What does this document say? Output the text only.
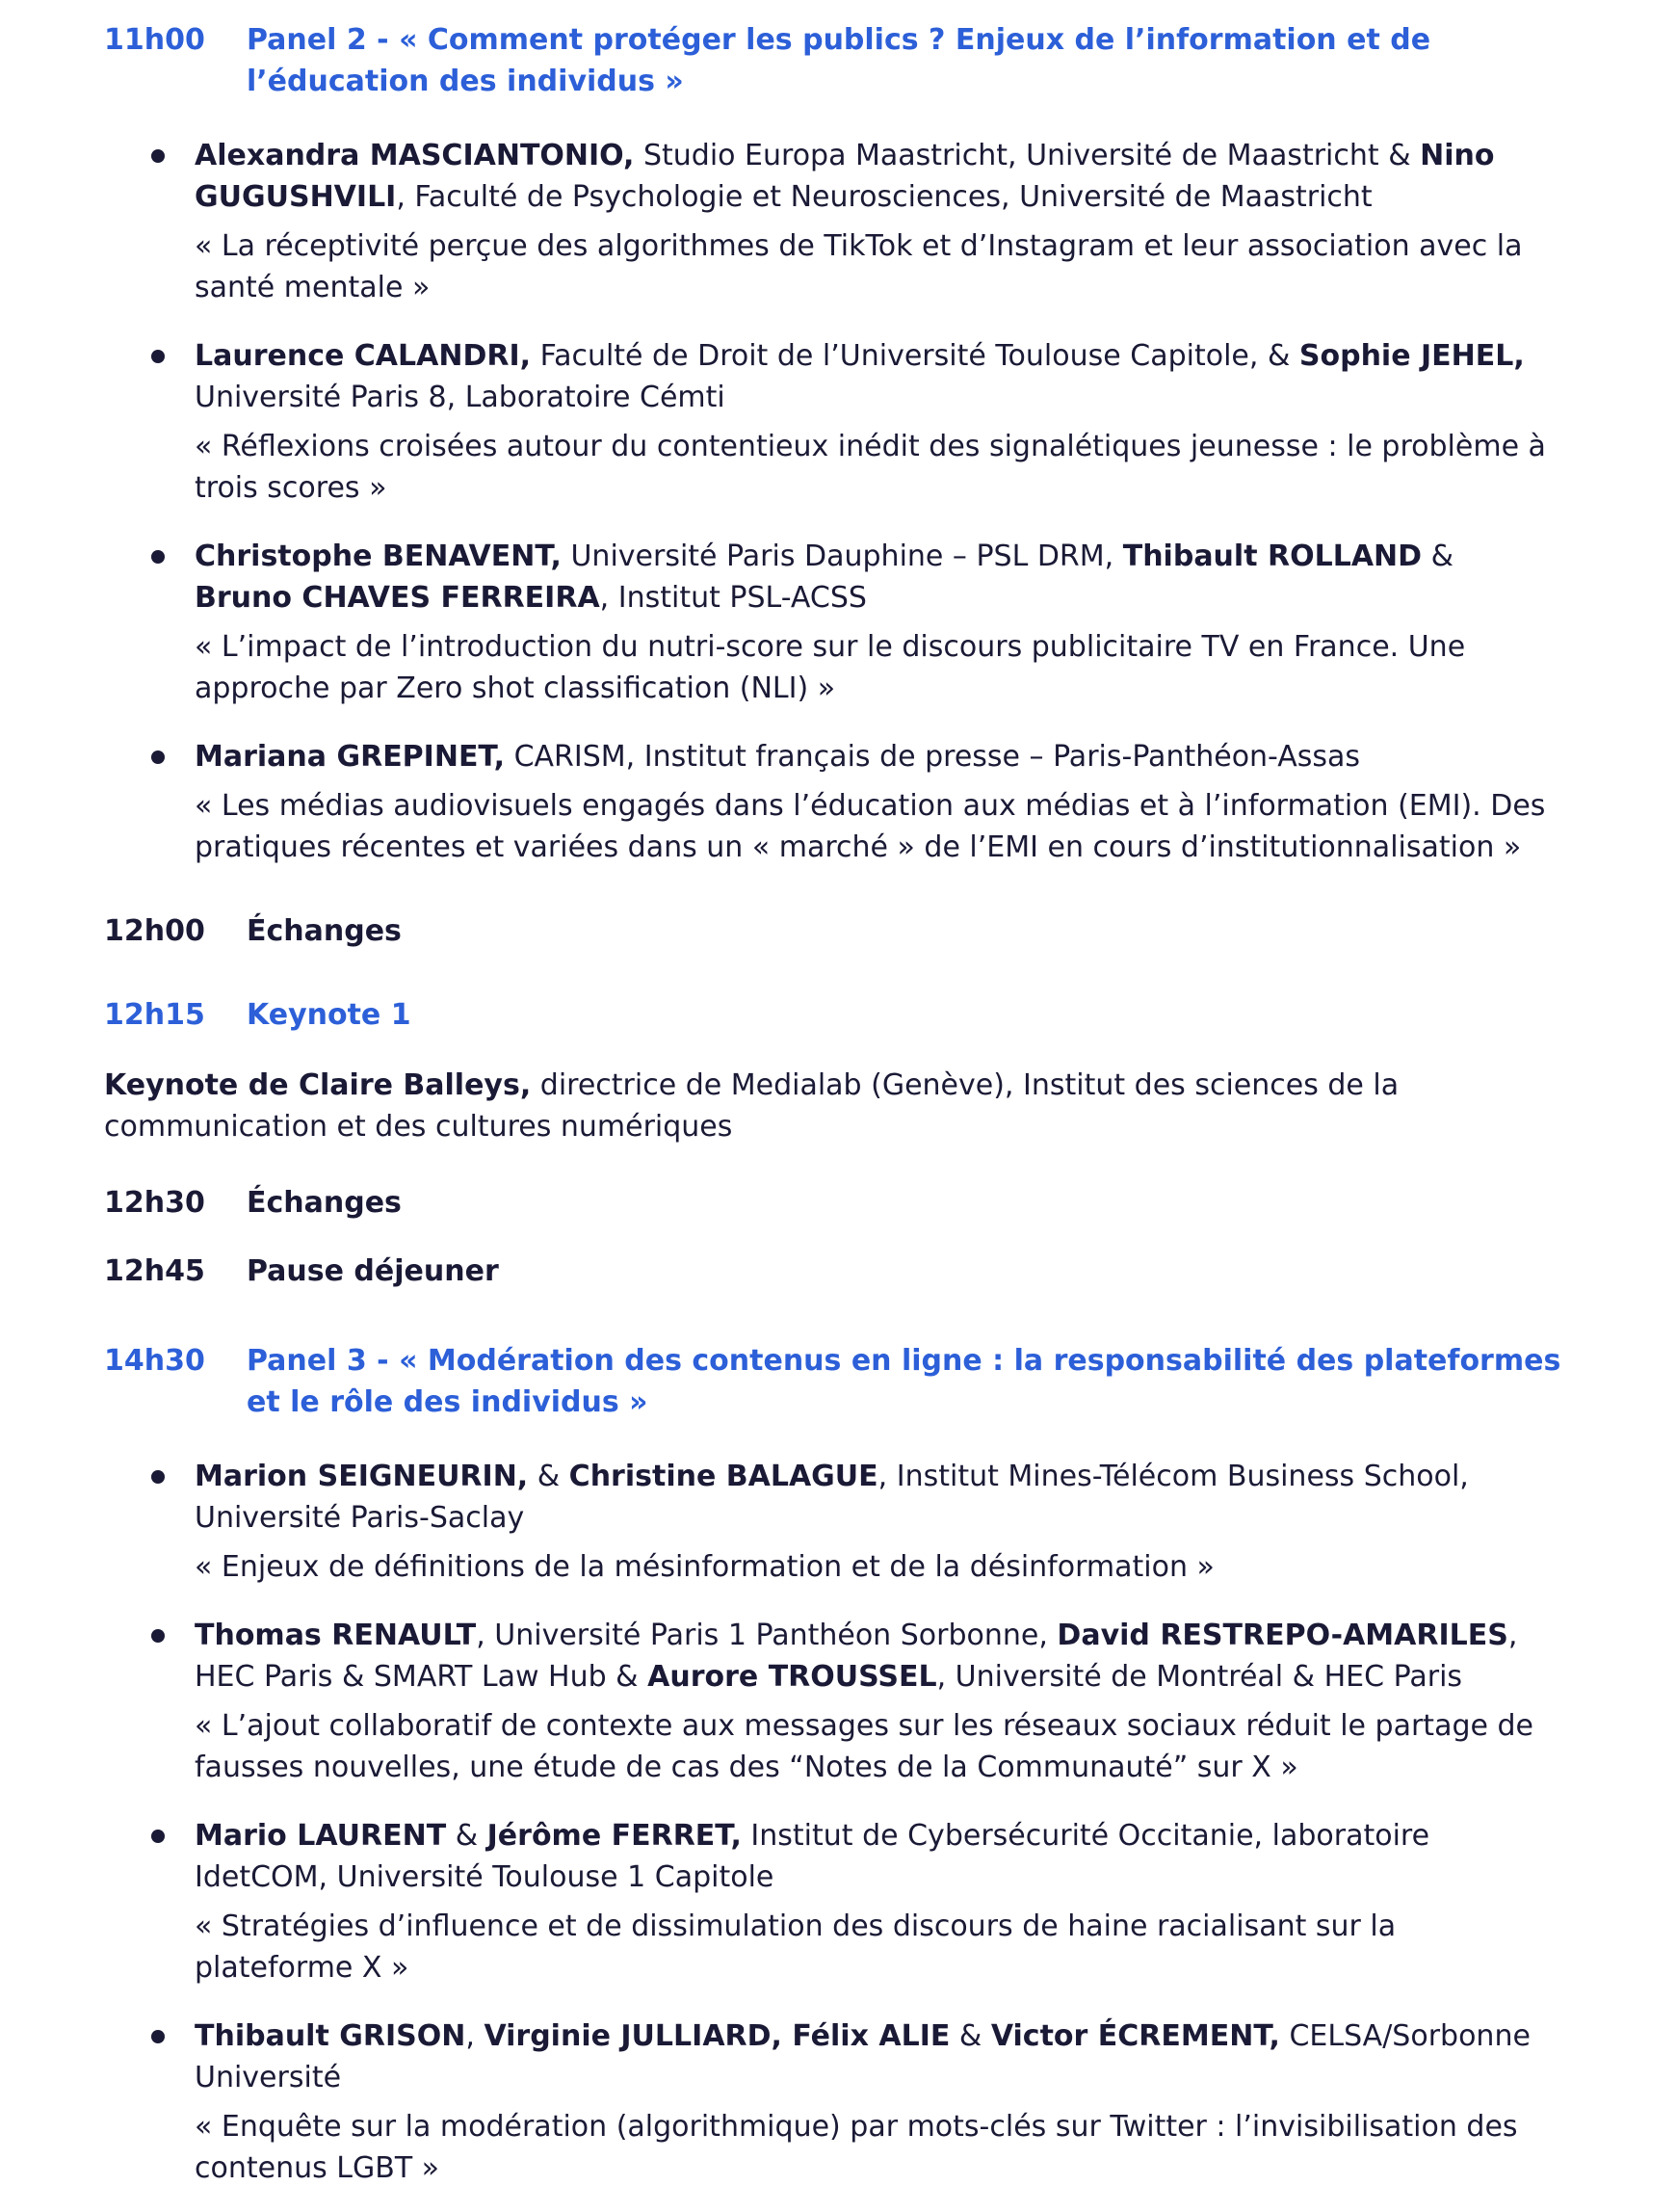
11h00	Panel 2 - « Comment protéger les publics ? Enjeux de l’information et de l’éducation des individus »

Alexandra MASCIANTONIO, Studio Europa Maastricht, Université de Maastricht & Nino GUGUSHVILI, Faculté de Psychologie et Neurosciences, Université de Maastricht

« La réceptivité perçue des algorithmes de TikTok et d’Instagram et leur association avec la santé mentale »

Laurence CALANDRI, Faculté de Droit de l’Université Toulouse Capitole, & Sophie JEHEL, Université Paris 8, Laboratoire Cémti

« Réflexions croisées autour du contentieux inédit des signalétiques jeunesse : le problème à trois scores »

Christophe BENAVENT, Université Paris Dauphine – PSL DRM, Thibault ROLLAND & Bruno CHAVES FERREIRA, Institut PSL-ACSS

« L’impact de l’introduction du nutri-score sur le discours publicitaire TV en France. Une approche par Zero shot classification (NLI) »

Mariana GREPINET, CARISM, Institut français de presse – Paris-Panthéon-Assas

« Les médias audiovisuels engagés dans l’éducation aux médias et à l’information (EMI). Des pratiques récentes et variées dans un « marché » de l’EMI en cours d’institutionnalisation »

12h00	Échanges
12h15	Keynote 1

Keynote de Claire Balleys, directrice de Medialab (Genève), Institut des sciences de la communication et des cultures numériques

12h30	Échanges
12h45	Pause déjeuner
14h30	Panel 3 - « Modération des contenus en ligne : la responsabilité des plateformes et le rôle des individus »

Marion SEIGNEURIN, & Christine BALAGUE, Institut Mines-Télécom Business School, Université Paris-Saclay

« Enjeux de définitions de la mésinformation et de la désinformation »

Thomas RENAULT, Université Paris 1 Panthéon Sorbonne, David RESTREPO-AMARILES, HEC Paris & SMART Law Hub & Aurore TROUSSEL, Université de Montréal & HEC Paris

« L’ajout collaboratif de contexte aux messages sur les réseaux sociaux réduit le partage de fausses nouvelles, une étude de cas des “Notes de la Communauté” sur X »

Mario LAURENT & Jérôme FERRET, Institut de Cybersécurité Occitanie, laboratoire IdetCOM, Université Toulouse 1 Capitole

« Stratégies d’influence et de dissimulation des discours de haine racialisant sur la plateforme X »

Thibault GRISON, Virginie JULLIARD, Félix ALIE & Victor ÉCREMENT, CELSA/Sorbonne Université

« Enquête sur la modération (algorithmique) par mots-clés sur Twitter : l’invisibilisation des contenus LGBT »
